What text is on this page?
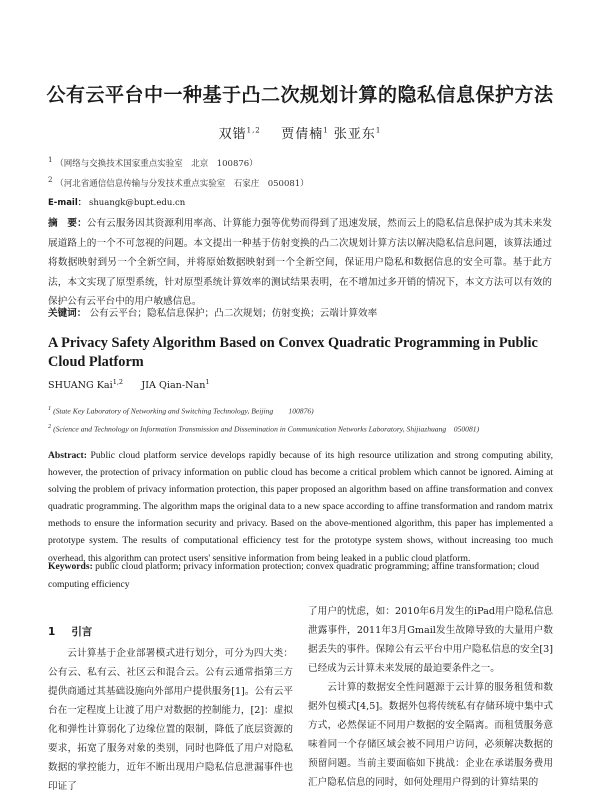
公有云平台中一种基于凸二次规划计算的隐私信息保护方法
双锴$^{1,2}$ 贾倩楠$^1$ 张亚东$^1$
$^1$ （网络与交换技术国家重点实验室　北京　100876）
$^2$ （河北省通信信息传输与分发技术重点实验室　石家庄　050081）
E-mail： shuangk@bupt.edu.cn

摘　要：公有云服务因其资源利用率高、计算能力强等优势而得到了迅速发展，然而云上的隐私信息保护成为其未来发展道路上的一个不可忽视的问题。本文提出一种基于仿射变换的凸二次规划计算方法以解决隐私信息问题，该算法通过将数据映射到另一个全新空间，并将原始数据映射到一个全新空间，保证用户隐私和数据信息的安全可靠。基于此方法，本文实现了原型系统，针对原型系统计算效率的测试结果表明，在不增加过多开销的情况下，本文方法可以有效的保护公有云平台中的用户敏感信息。

关键词： 公有云平台；隐私信息保护；凸二次规划；仿射变换；云端计算效率
A Privacy Safety Algorithm Based on Convex Quadratic Programming in Public Cloud Platform
SHUANG Kai$^{1,2}$ JIA Qian-Nan$^1$
$^1$ (State Key Laboratory of Networking and Switching Technology, Beijing　　100876)
$^2$ (Science and Technology on Information Transmission and Dissemination in Communication Networks Laboratory, Shijiazhuang　050081)

Abstract: Public cloud platform service develops rapidly because of its high resource utilization and strong computing ability, however, the protection of privacy information on public cloud has become a critical problem which cannot be ignored. Aiming at solving the problem of privacy information protection, this paper proposed an algorithm based on affine transformation and convex quadratic programming. The algorithm maps the original data to a new space according to affine transformation and random matrix methods to ensure the information security and privacy. Based on the above-mentioned algorithm, this paper has implemented a prototype system. The results of computational efficiency test for the prototype system shows, without increasing too much overhead, this algorithm can protect users' sensitive information from being leaked in a public cloud platform.

Keywords: public cloud platform; privacy information protection; convex quadratic programming; affine transformation; cloud computing efficiency

1 引言

云计算基于企业部署模式进行划分，可分为四大类：公有云、私有云、社区云和混合云。公有云通常指第三方提供商通过其基础设施向外部用户提供服务[1]。公有云平台在一定程度上让渡了用户对数据的控制能力，[2]：虚拟化和弹性计算弱化了边缘位置的限制，降低了底层资源的要求，拓宽了服务对象的类别，同时也降低了用户对隐私数据的掌控能力，近年不断出现用户隐私信息泄漏事件也印证了

了用户的忧虑，如：2010年6月发生的iPad用户隐私信息泄露事件，2011年3月Gmail发生故障导致的大量用户数据丢失的事件。保障公有云平台中用户隐私信息的安全[3]已经成为云计算未来发展的最迫要条件之一。

云计算的数据安全性问题源于云计算的服务租赁和数据外包模式[4,5]。数据外包将传统私有存储环境中集中式方式，必然保证不同用户数据的安全隔离。而租赁服务意味着同一个存储区域会被不同用户访问，必须解决数据的预留问题。当前主要面临如下挑战：企业在承诺服务费用汇户隐私信息的同时，如何处理用户得到的计算结果的
